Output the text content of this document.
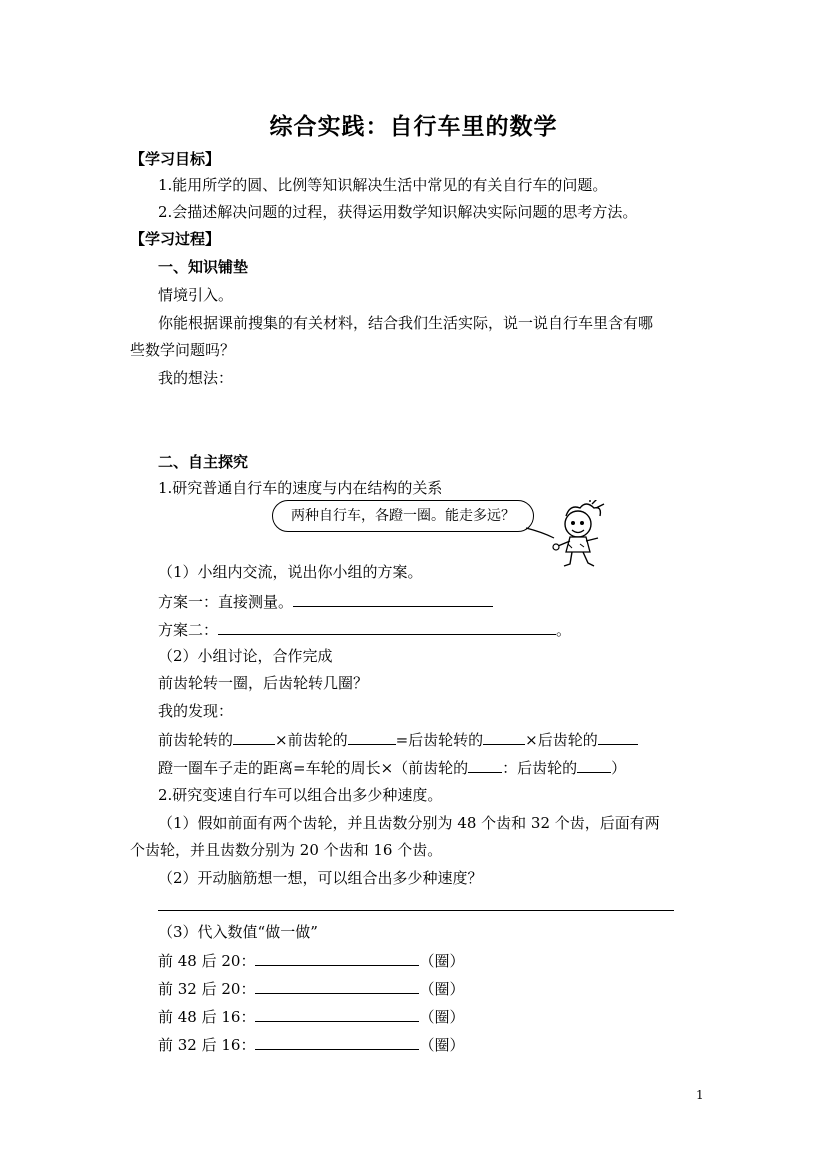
综合实践：自行车里的数学
【学习目标】
1.能用所学的圆、比例等知识解决生活中常见的有关自行车的问题。
2.会描述解决问题的过程，获得运用数学知识解决实际问题的思考方法。
【学习过程】
一、知识铺垫
情境引入。
你能根据课前搜集的有关材料，结合我们生活实际，说一说自行车里含有哪
些数学问题吗？
我的想法：
二、自主探究
1.研究普通自行车的速度与内在结构的关系
两种自行车，各蹬一圈。能走多远？
（1）小组内交流，说出你小组的方案。
方案一：直接测量。
方案二：	。
（2）小组讨论，合作完成
前齿轮转一圈，后齿轮转几圈？
我的发现：
前齿轮转的	×前齿轮的	=后齿轮转的	×后齿轮的
蹬一圈车子走的距离=车轮的周长×（前齿轮的 ：后齿轮的 ）
2.研究变速自行车可以组合出多少种速度。
（1）假如前面有两个齿轮，并且齿数分别为 48 个齿和 32 个齿，后面有两
个齿轮，并且齿数分别为 20 个齿和 16 个齿。
（2）开动脑筋想一想，可以组合出多少种速度？
（3）代入数值“做一做”
前 48 后 20：	（圈）
前 32 后 20：	（圈）
前 48 后 16：	（圈）
前 32 后 16：	（圈）
1
